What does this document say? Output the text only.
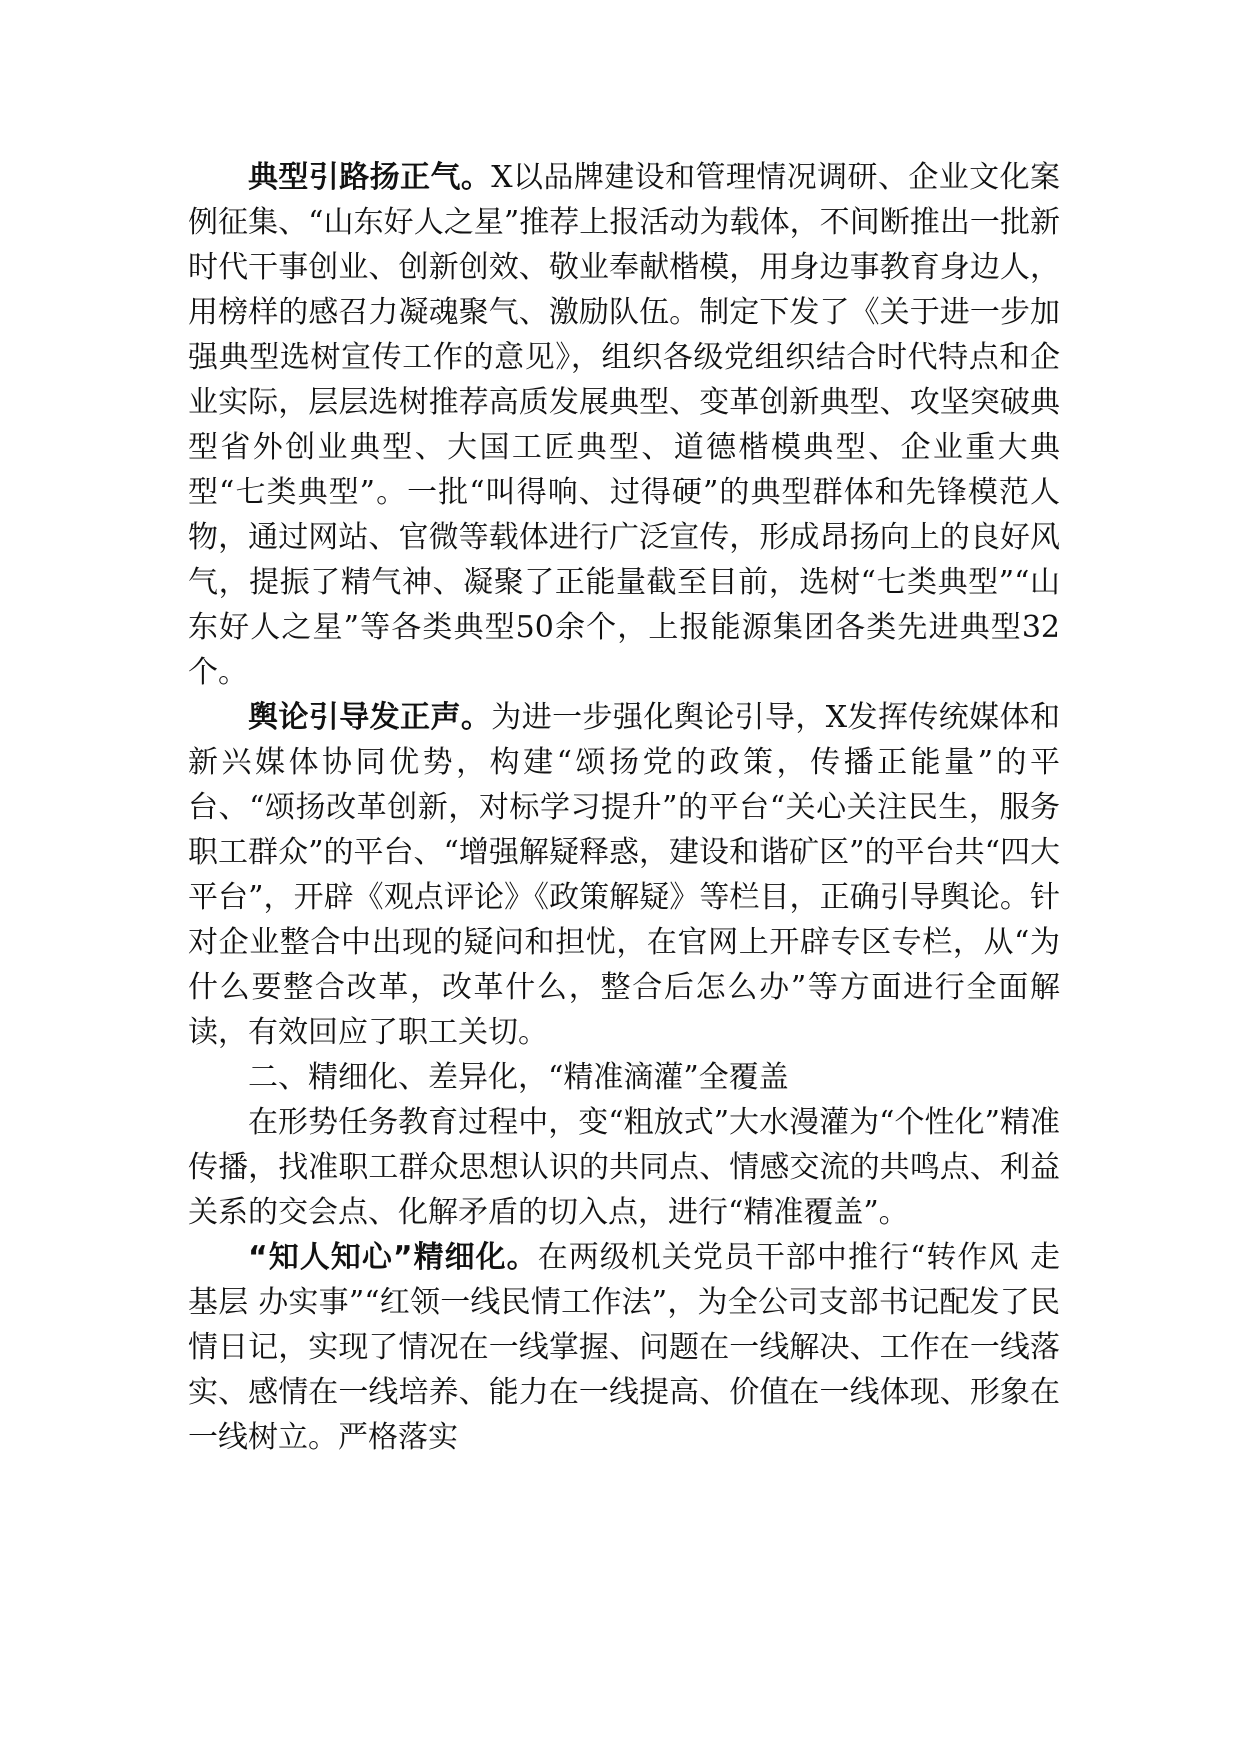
典型引路扬正气。X以品牌建设和管理情况调研、企业文化案例征集、“山东好人之星”推荐上报活动为载体，不间断推出一批新时代干事创业、创新创效、敬业奉献楷模，用身边事教育身边人，用榜样的感召力凝魂聚气、激励队伍。制定下发了《关于进一步加强典型选树宣传工作的意见》，组织各级党组织结合时代特点和企业实际，层层选树推荐高质发展典型、变革创新典型、攻坚突破典型省外创业典型、大国工匠典型、道德楷模典型、企业重大典型“七类典型”。一批“叫得响、过得硬”的典型群体和先锋模范人物，通过网站、官微等载体进行广泛宣传，形成昂扬向上的良好风气，提振了精气神、凝聚了正能量截至目前，选树“七类典型”“山东好人之星”等各类典型50余个，上报能源集团各类先进典型32个。

舆论引导发正声。为进一步强化舆论引导，X发挥传统媒体和新兴媒体协同优势，构建“颂扬党的政策，传播正能量”的平台、“颂扬改革创新，对标学习提升”的平台“关心关注民生，服务职工群众”的平台、“增强解疑释惑，建设和谐矿区”的平台共“四大平台”，开辟《观点评论》《政策解疑》等栏目，正确引导舆论。针对企业整合中出现的疑问和担忧，在官网上开辟专区专栏，从“为什么要整合改革，改革什么，整合后怎么办”等方面进行全面解读，有效回应了职工关切。

二、精细化、差异化，“精准滴灌”全覆盖

在形势任务教育过程中，变“粗放式”大水漫灌为“个性化”精准传播，找准职工群众思想认识的共同点、情感交流的共鸣点、利益关系的交会点、化解矛盾的切入点，进行“精准覆盖”。

“知人知心”精细化。在两级机关党员干部中推行“转作风 走基层 办实事”“红领一线民情工作法”，为全公司支部书记配发了民情日记，实现了情况在一线掌握、问题在一线解决、工作在一线落实、感情在一线培养、能力在一线提高、价值在一线体现、形象在一线树立。严格落实
